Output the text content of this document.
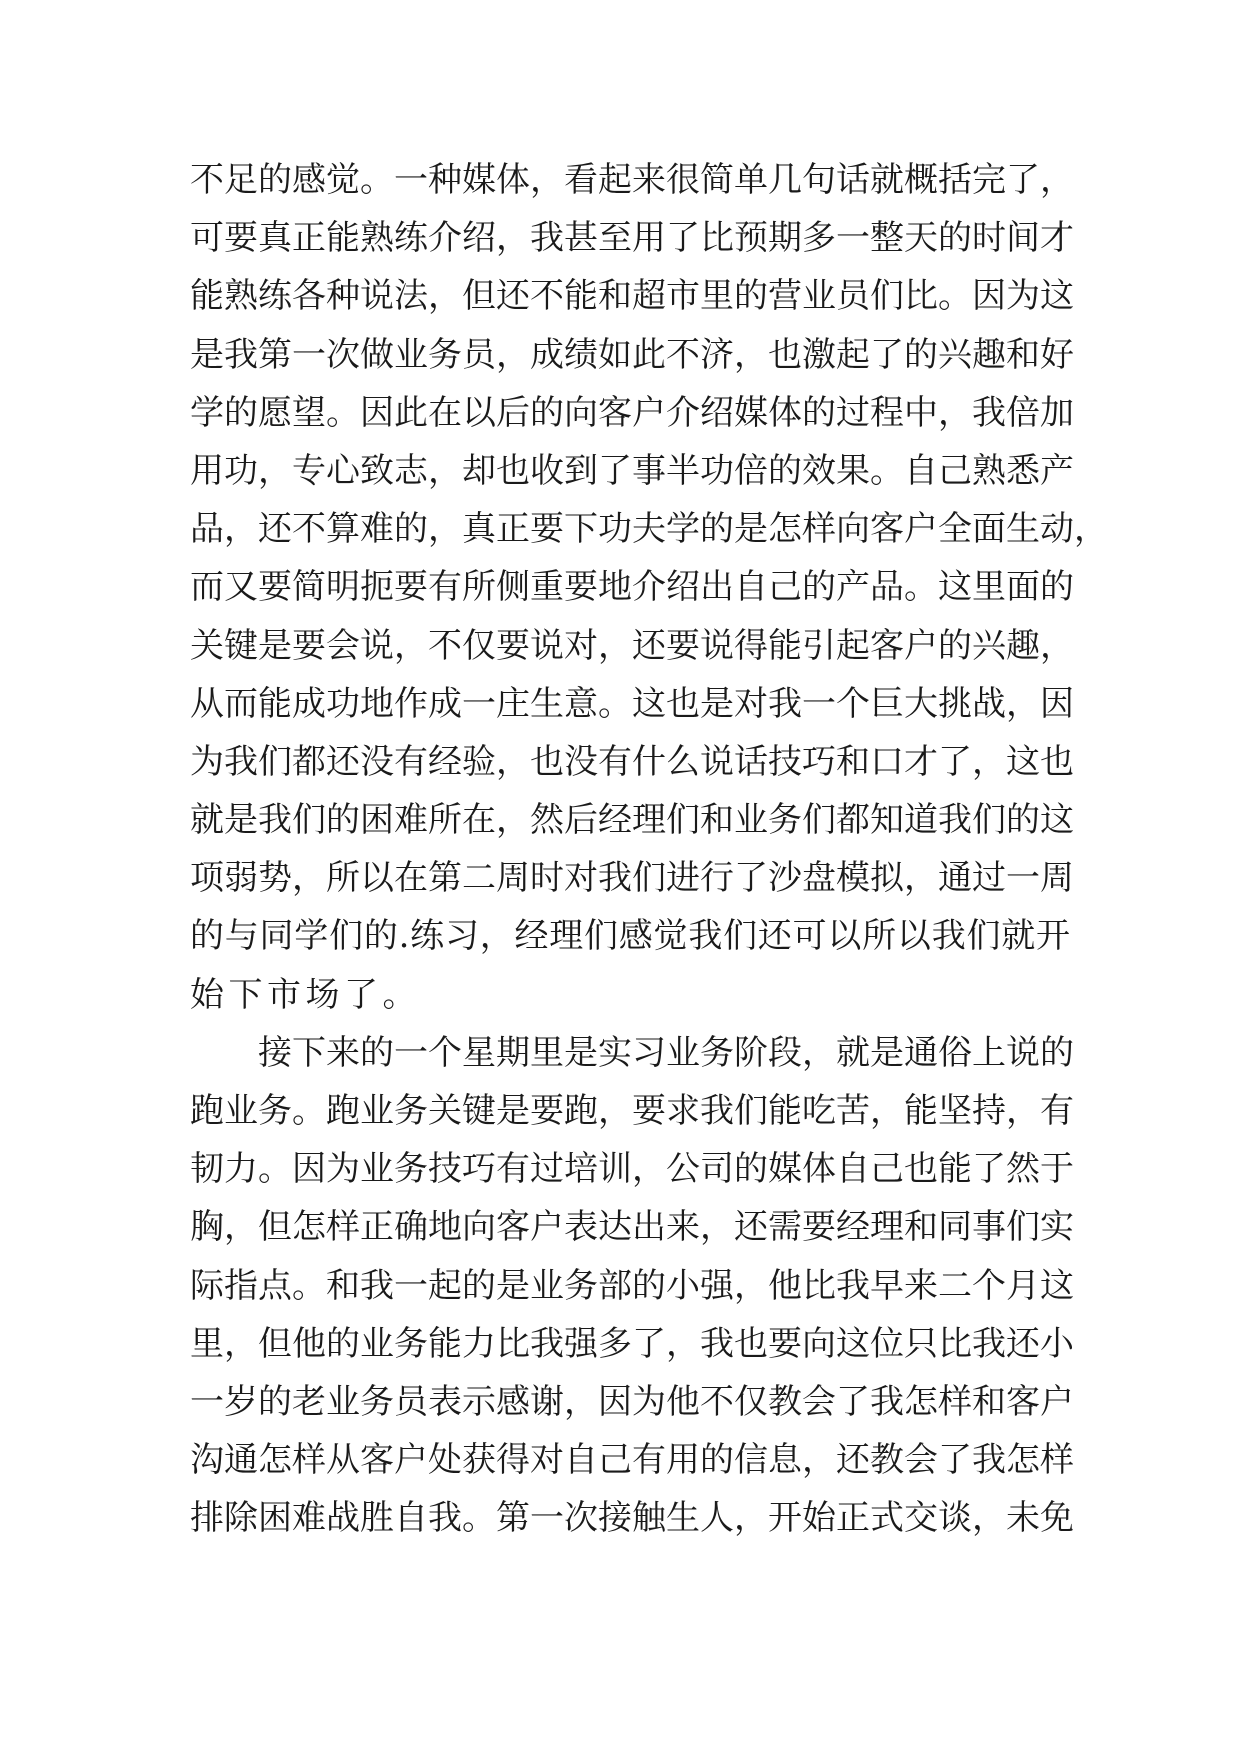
不足的感觉。一种媒体，看起来很简单几句话就概括完了，
可要真正能熟练介绍，我甚至用了比预期多一整天的时间才
能熟练各种说法，但还不能和超市里的营业员们比。因为这
是我第一次做业务员，成绩如此不济，也激起了的兴趣和好
学的愿望。因此在以后的向客户介绍媒体的过程中，我倍加
用功，专心致志，却也收到了事半功倍的效果。自己熟悉产
品，还不算难的，真正要下功夫学的是怎样向客户全面生动，
而又要简明扼要有所侧重要地介绍出自己的产品。这里面的
关键是要会说，不仅要说对，还要说得能引起客户的兴趣，
从而能成功地作成一庄生意。这也是对我一个巨大挑战，因
为我们都还没有经验，也没有什么说话技巧和口才了，这也
就是我们的困难所在，然后经理们和业务们都知道我们的这
项弱势，所以在第二周时对我们进行了沙盘模拟，通过一周
的与同学们的.练习，经理们感觉我们还可以所以我们就开
始下市场了。
接下来的一个星期里是实习业务阶段，就是通俗上说的
跑业务。跑业务关键是要跑，要求我们能吃苦，能坚持，有
韧力。因为业务技巧有过培训，公司的媒体自己也能了然于
胸，但怎样正确地向客户表达出来，还需要经理和同事们实
际指点。和我一起的是业务部的小强，他比我早来二个月这
里，但他的业务能力比我强多了，我也要向这位只比我还小
一岁的老业务员表示感谢，因为他不仅教会了我怎样和客户
沟通怎样从客户处获得对自己有用的信息，还教会了我怎样
排除困难战胜自我。第一次接触生人，开始正式交谈，未免
